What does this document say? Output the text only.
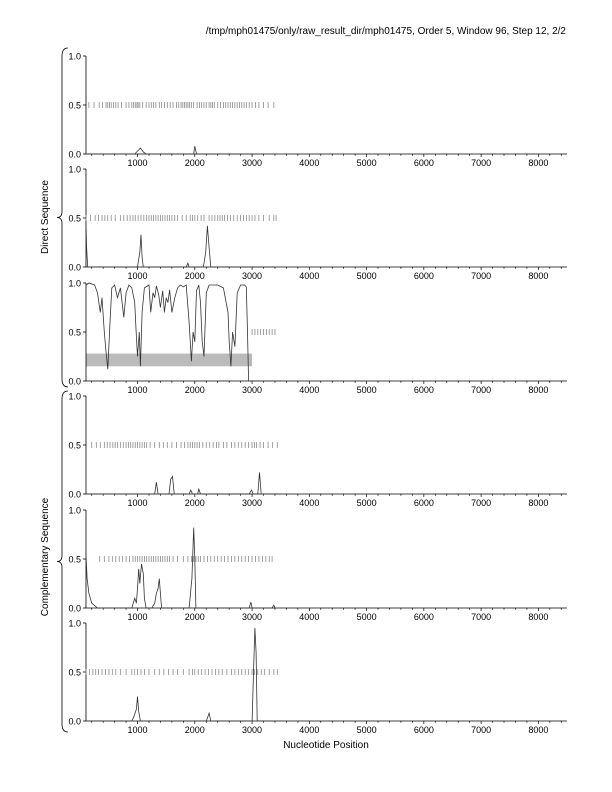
/tmp/mph01475/only/raw_result_dir/mph01475, Order 5, Window 96, Step 12, 2/2
0.0
0.5
1.0
1000	2000	3000	4000	5000	6000	7000	8000
0.0
0.5
1.0
1000	2000	3000	4000	5000	6000	7000	8000
0.0
0.5
1.0
1000	2000	3000	4000	5000	6000	7000	8000
0.0
0.5
1.0
1000	2000	3000	4000	5000	6000	7000	8000
0.0
0.5
1.0
1000	2000	3000	4000	5000	6000	7000	8000
0.0
0.5
1.0
1000	2000	3000	4000	5000	6000	7000	8000
Nucleotide Position
Direct Sequence
Complementary Sequence
